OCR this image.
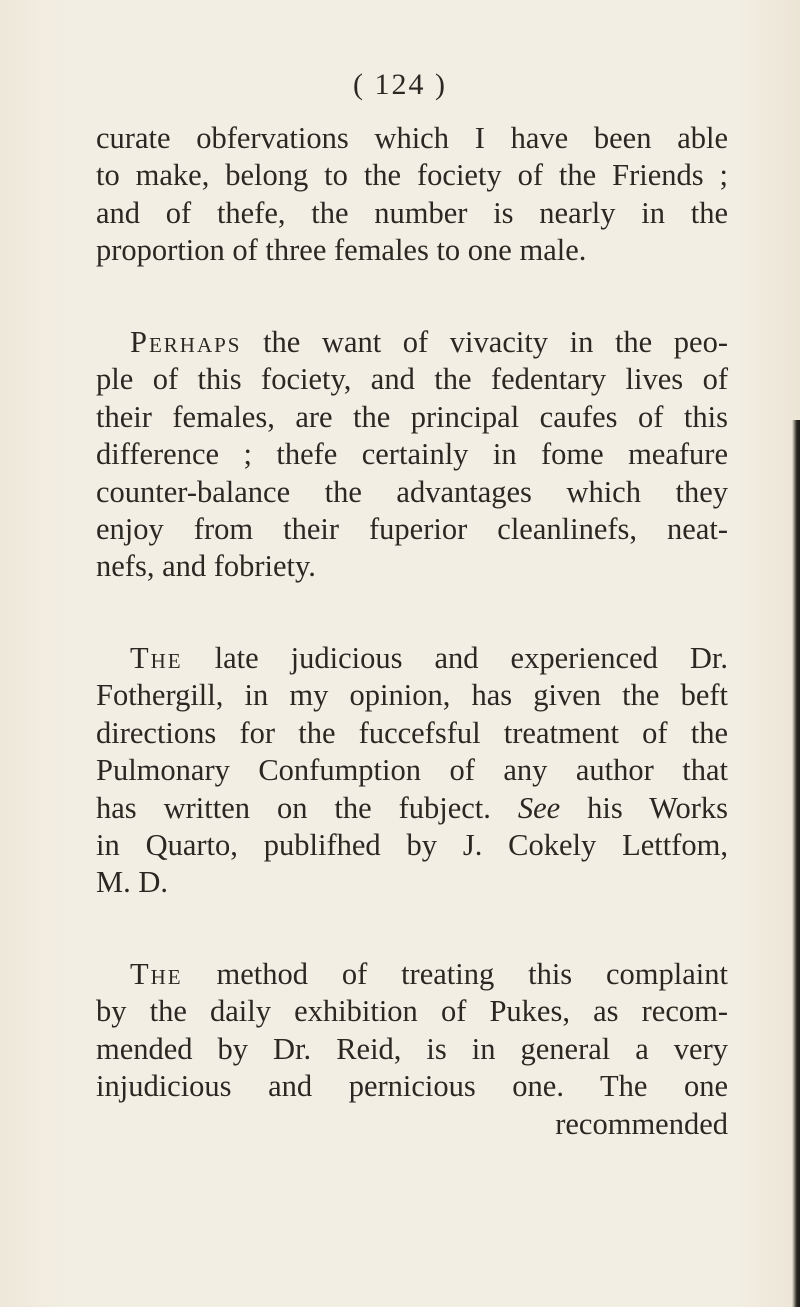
( 124 )
curate obfervations which I have been able
to make, belong to the fociety of the Friends ;
and of thefe, the number is nearly in the
proportion of three females to one male.
Perhaps the want of vivacity in the peo-
ple of this fociety, and the fedentary lives of
their females, are the principal caufes of this
difference ; thefe certainly in fome meafure
counter-balance the advantages which they
enjoy from their fuperior cleanlinefs, neat-
nefs, and fobriety.
The late judicious and experienced Dr.
Fothergill, in my opinion, has given the beft
directions for the fuccefsful treatment of the
Pulmonary Confumption of any author that
has written on the fubject. See his Works
in Quarto, publifhed by J. Cokely Lettfom,
M. D.
The method of treating this complaint
by the daily exhibition of Pukes, as recom-
mended by Dr. Reid, is in general a very
injudicious and pernicious one. The one
recommended
